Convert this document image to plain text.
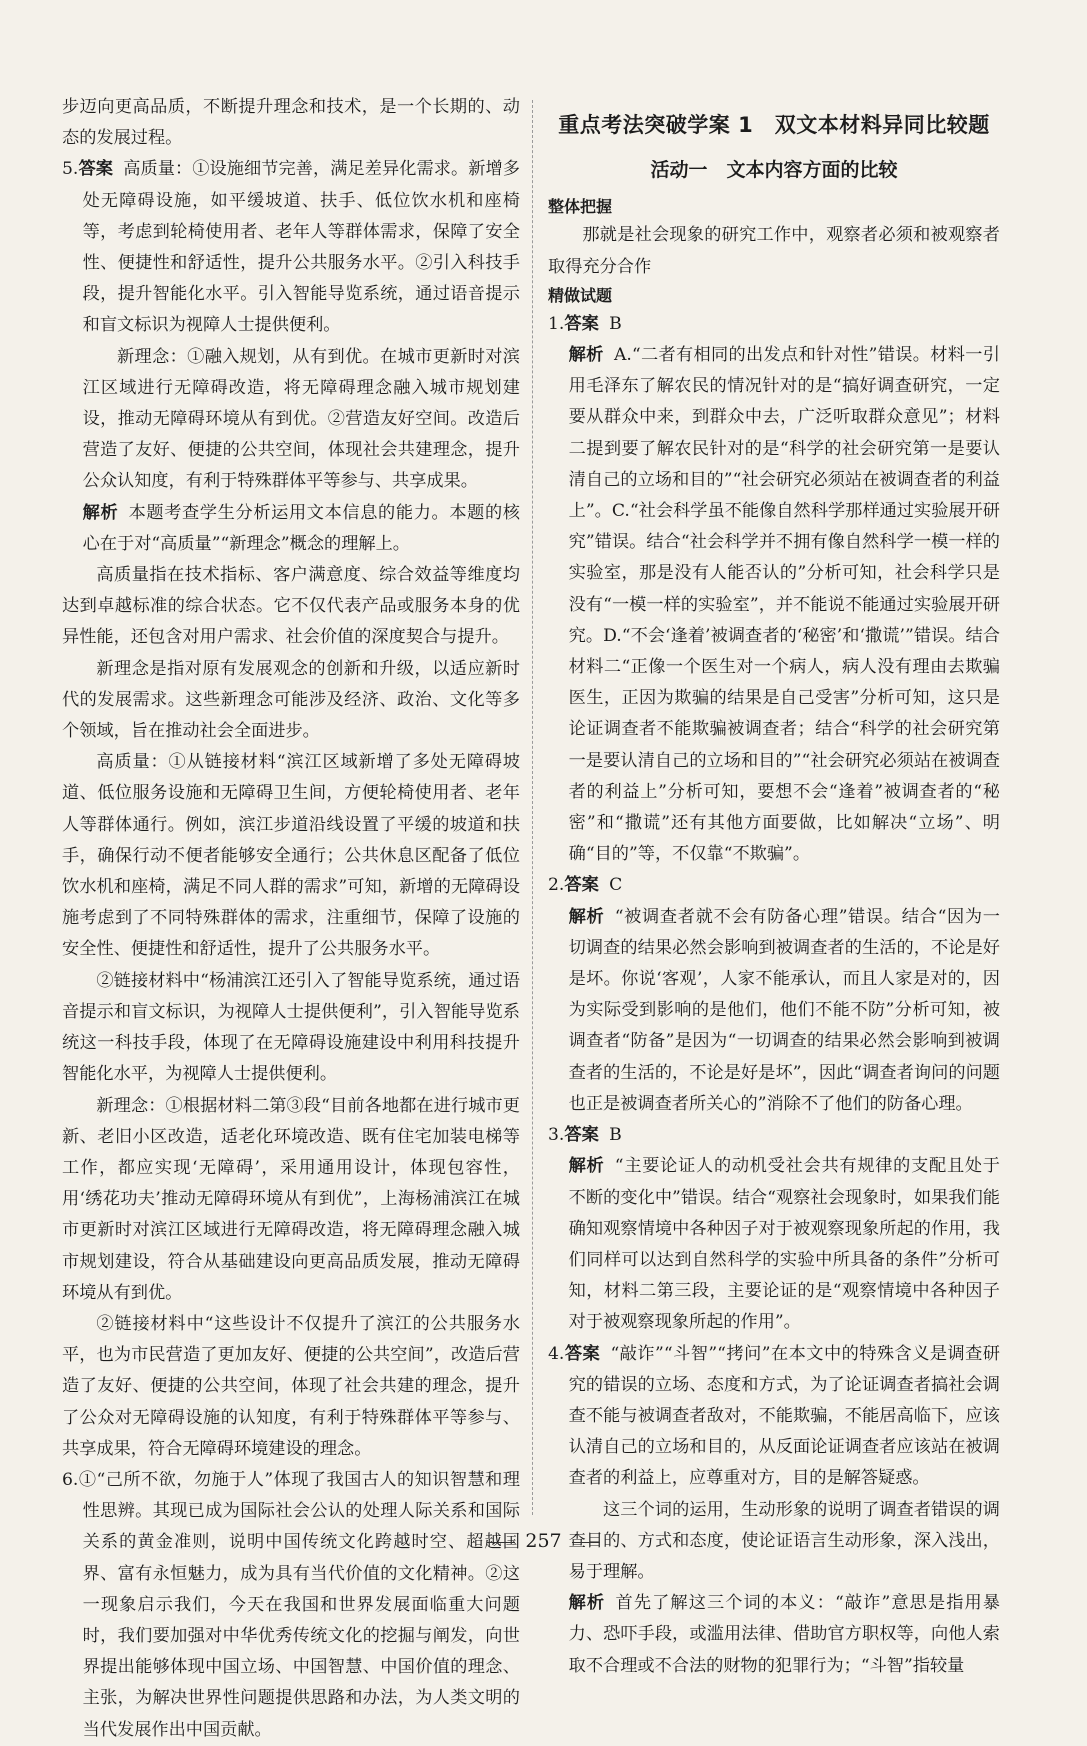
步迈向更高品质，不断提升理念和技术，是一个长期的、动态的发展过程。

5.答案 高质量：①设施细节完善，满足差异化需求。新增多处无障碍设施，如平缓坡道、扶手、低位饮水机和座椅等，考虑到轮椅使用者、老年人等群体需求，保障了安全性、便捷性和舒适性，提升公共服务水平。②引入科技手段，提升智能化水平。引入智能导览系统，通过语音提示和盲文标识为视障人士提供便利。

新理念：①融入规划，从有到优。在城市更新时对滨江区域进行无障碍改造，将无障碍理念融入城市规划建设，推动无障碍环境从有到优。②营造友好空间。改造后营造了友好、便捷的公共空间，体现社会共建理念，提升公众认知度，有利于特殊群体平等参与、共享成果。

解析 本题考查学生分析运用文本信息的能力。本题的核心在于对“高质量”“新理念”概念的理解上。

高质量指在技术指标、客户满意度、综合效益等维度均达到卓越标准的综合状态。它不仅代表产品或服务本身的优异性能，还包含对用户需求、社会价值的深度契合与提升。

新理念是指对原有发展观念的创新和升级，以适应新时代的发展需求。这些新理念可能涉及经济、政治、文化等多个领域，旨在推动社会全面进步。

高质量：①从链接材料“滨江区域新增了多处无障碍坡道、低位服务设施和无障碍卫生间，方便轮椅使用者、老年人等群体通行。例如，滨江步道沿线设置了平缓的坡道和扶手，确保行动不便者能够安全通行；公共休息区配备了低位饮水机和座椅，满足不同人群的需求”可知，新增的无障碍设施考虑到了不同特殊群体的需求，注重细节，保障了设施的安全性、便捷性和舒适性，提升了公共服务水平。

②链接材料中“杨浦滨江还引入了智能导览系统，通过语音提示和盲文标识，为视障人士提供便利”，引入智能导览系统这一科技手段，体现了在无障碍设施建设中利用科技提升智能化水平，为视障人士提供便利。

新理念：①根据材料二第③段“目前各地都在进行城市更新、老旧小区改造，适老化环境改造、既有住宅加装电梯等工作，都应实现‘无障碍’，采用通用设计，体现包容性，用‘绣花功夫’推动无障碍环境从有到优”，上海杨浦滨江在城市更新时对滨江区域进行无障碍改造，将无障碍理念融入城市规划建设，符合从基础建设向更高品质发展，推动无障碍环境从有到优。

②链接材料中“这些设计不仅提升了滨江的公共服务水平，也为市民营造了更加友好、便捷的公共空间”，改造后营造了友好、便捷的公共空间，体现了社会共建的理念，提升了公众对无障碍设施的认知度，有利于特殊群体平等参与、共享成果，符合无障碍环境建设的理念。

6.①“己所不欲，勿施于人”体现了我国古人的知识智慧和理性思辨。其现已成为国际社会公认的处理人际关系和国际关系的黄金准则，说明中国传统文化跨越时空、超越国界、富有永恒魅力，成为具有当代价值的文化精神。②这一现象启示我们，今天在我国和世界发展面临重大问题时，我们要加强对中华优秀传统文化的挖掘与阐发，向世界提出能够体现中国立场、中国智慧、中国价值的理念、主张，为解决世界性问题提供思路和办法，为人类文明的当代发展作出中国贡献。

重点考法突破学案 1　双文本材料异同比较题
活动一　文本内容方面的比较
整体把握

那就是社会现象的研究工作中，观察者必须和被观察者取得充分合作

精做试题

1.答案 B

解析 A.“二者有相同的出发点和针对性”错误。材料一引用毛泽东了解农民的情况针对的是“搞好调查研究，一定要从群众中来，到群众中去，广泛听取群众意见”；材料二提到要了解农民针对的是“科学的社会研究第一是要认清自己的立场和目的”“社会研究必须站在被调查者的利益上”。C.“社会科学虽不能像自然科学那样通过实验展开研究”错误。结合“社会科学并不拥有像自然科学一模一样的实验室，那是没有人能否认的”分析可知，社会科学只是没有“一模一样的实验室”，并不能说不能通过实验展开研究。D.“不会‘逢着’被调查者的‘秘密’和‘撒谎’”错误。结合材料二“正像一个医生对一个病人，病人没有理由去欺骗医生，正因为欺骗的结果是自己受害”分析可知，这只是论证调查者不能欺骗被调查者；结合“科学的社会研究第一是要认清自己的立场和目的”“社会研究必须站在被调查者的利益上”分析可知，要想不会“逢着”被调查者的“秘密”和“撒谎”还有其他方面要做，比如解决“立场”、明确“目的”等，不仅靠“不欺骗”。

2.答案 C

解析 “被调查者就不会有防备心理”错误。结合“因为一切调查的结果必然会影响到被调查者的生活的，不论是好是坏。你说‘客观’，人家不能承认，而且人家是对的，因为实际受到影响的是他们，他们不能不防”分析可知，被调查者“防备”是因为“一切调查的结果必然会影响到被调查者的生活的，不论是好是坏”，因此“调查者询问的问题也正是被调查者所关心的”消除不了他们的防备心理。

3.答案 B

解析 “主要论证人的动机受社会共有规律的支配且处于不断的变化中”错误。结合“观察社会现象时，如果我们能确知观察情境中各种因子对于被观察现象所起的作用，我们同样可以达到自然科学的实验中所具备的条件”分析可知，材料二第三段，主要论证的是“观察情境中各种因子对于被观察现象所起的作用”。

4.答案 “敲诈”“斗智”“拷问”在本文中的特殊含义是调查研究的错误的立场、态度和方式，为了论证调查者搞社会调查不能与被调查者敌对，不能欺骗，不能居高临下，应该认清自己的立场和目的，从反面论证调查者应该站在被调查者的利益上，应尊重对方，目的是解答疑惑。

这三个词的运用，生动形象的说明了调查者错误的调查目的、方式和态度，使论证语言生动形象，深入浅出，易于理解。

解析 首先了解这三个词的本义：“敲诈”意思是指用暴力、恐吓手段，或滥用法律、借助官方职权等，向他人索取不合理或不合法的财物的犯罪行为；“斗智”指较量

257
